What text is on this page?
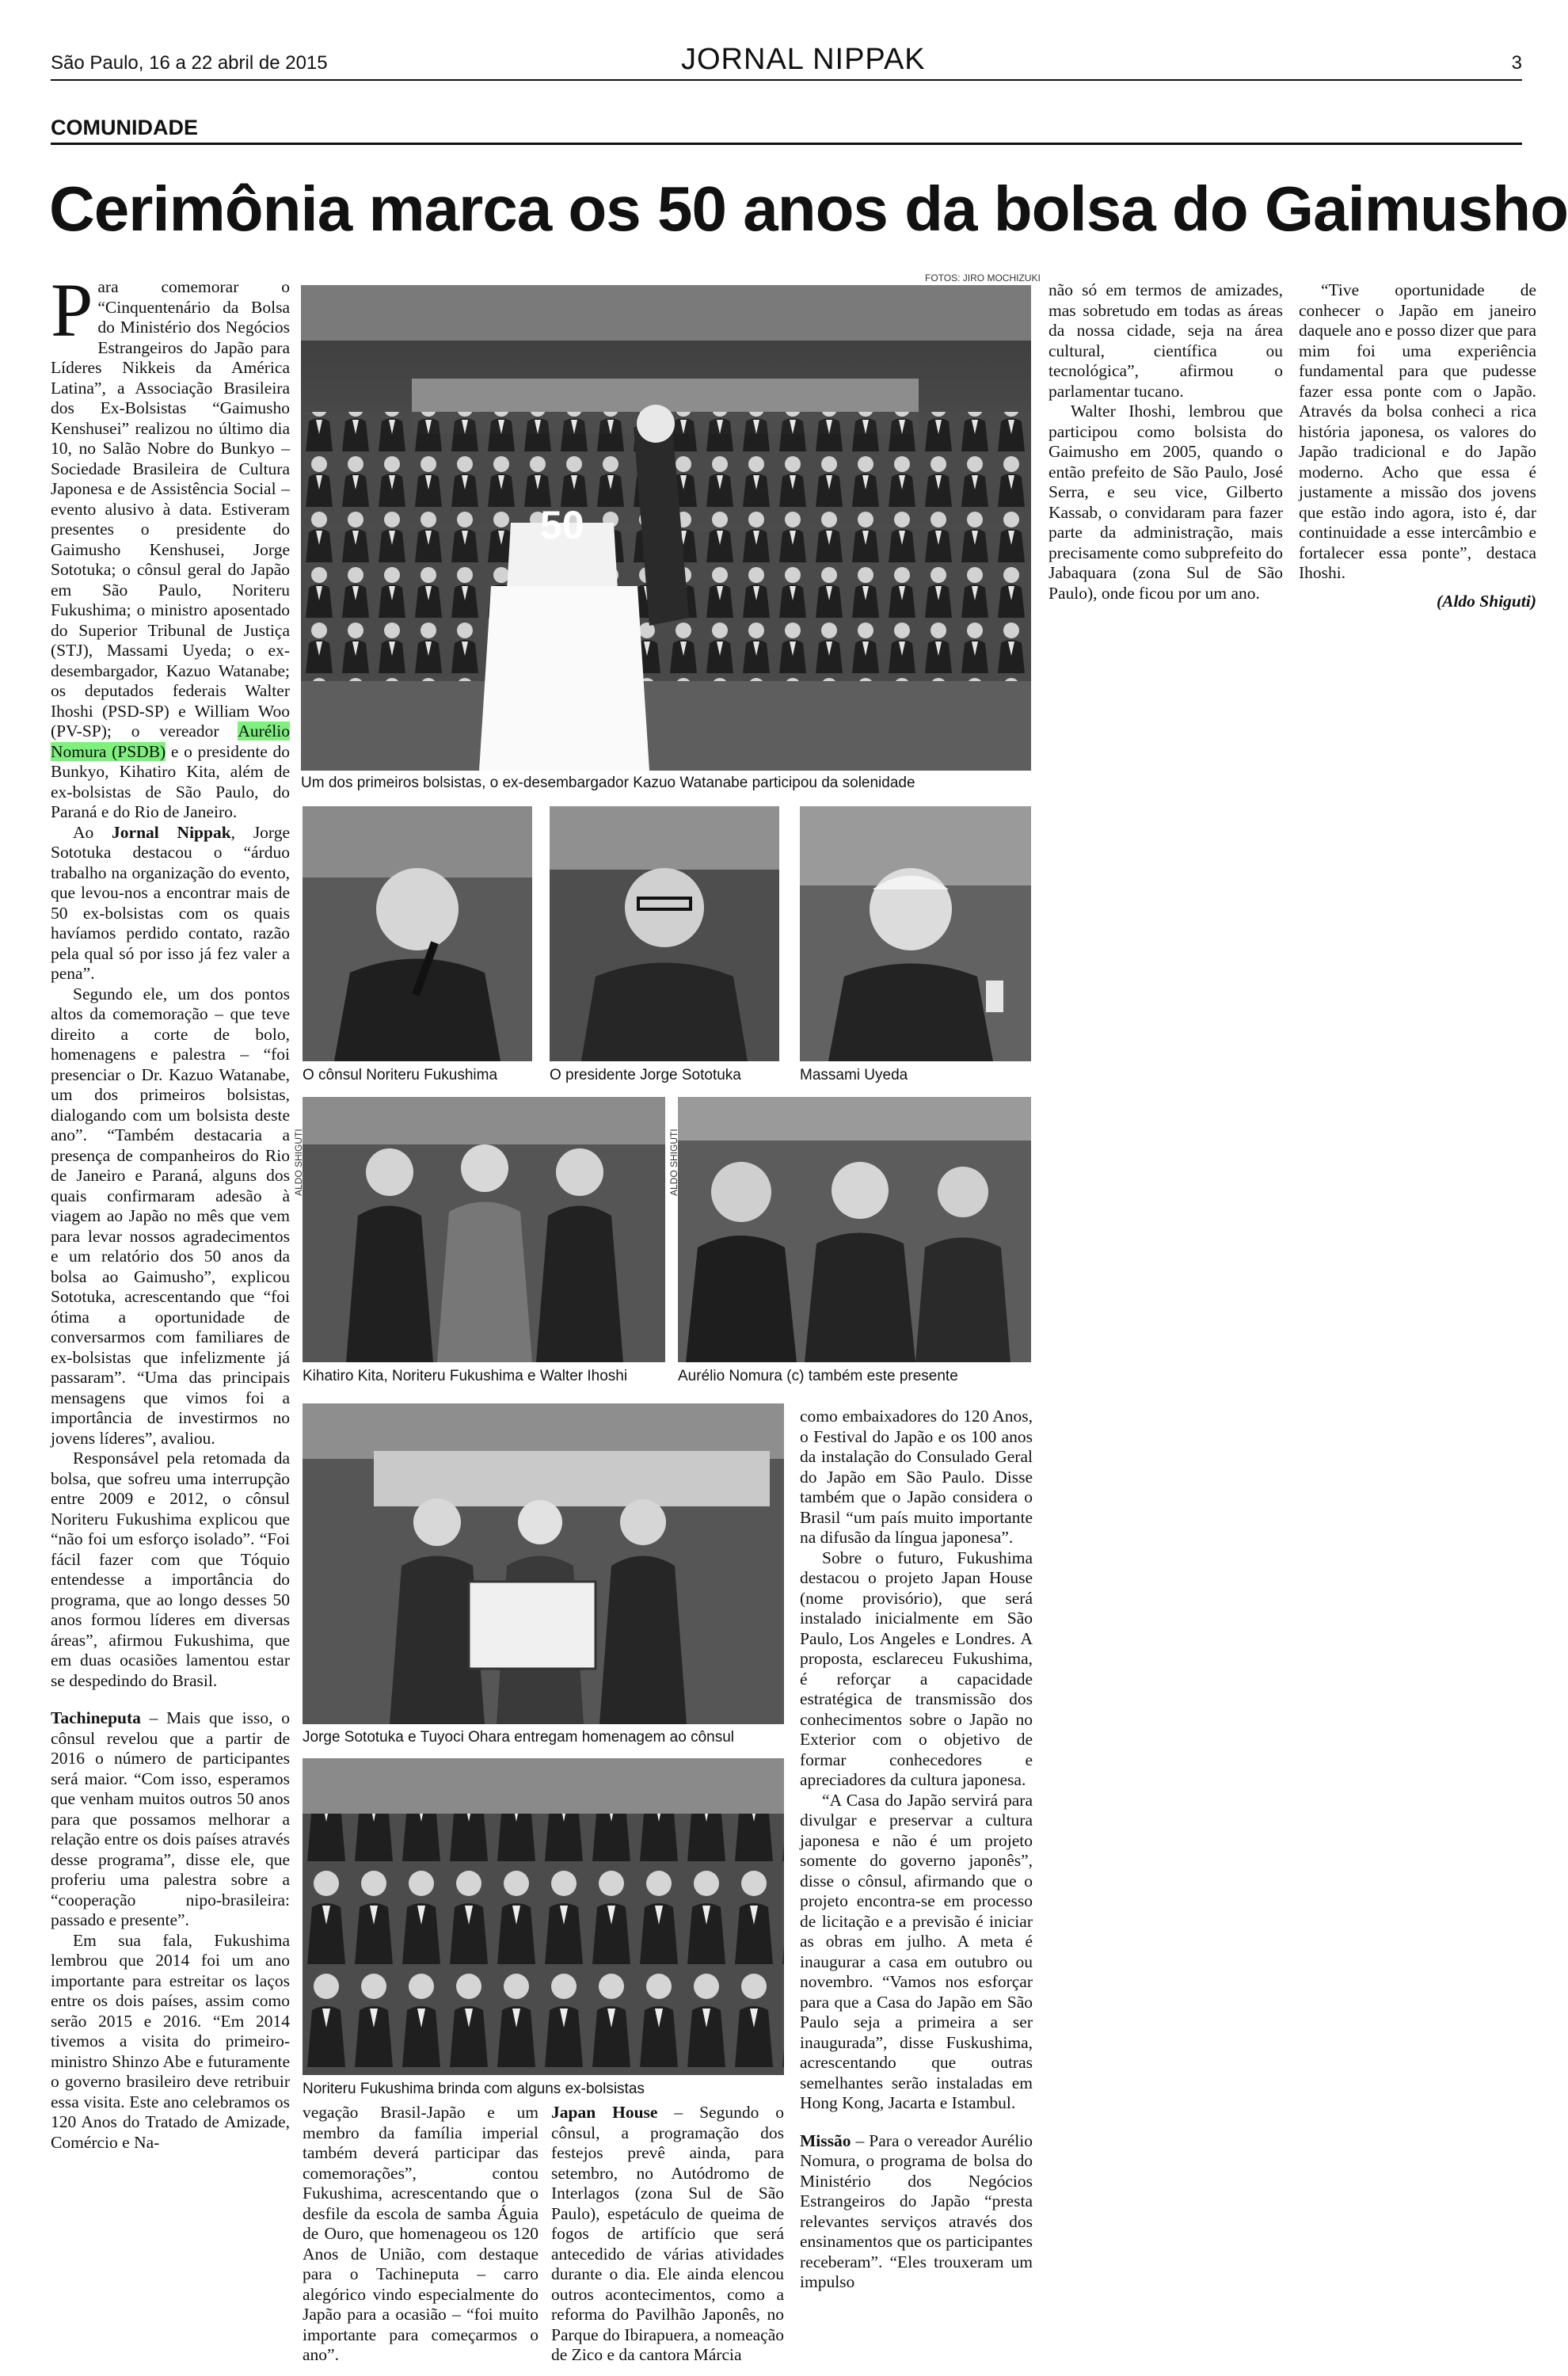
São Paulo, 16 a 22 abril de 2015	JORNAL NIPPAK	3
COMUNIDADE
Cerimônia marca os 50 anos da bolsa do Gaimusho

Para comemorar o “Cinquentenário da Bolsa do Ministério dos Negócios Estrangeiros do Japão para Líderes Nikkeis da América Latina”, a Associação Brasileira dos Ex-Bolsistas “Gaimusho Kenshusei” realizou no último dia 10, no Salão Nobre do Bunkyo – Sociedade Brasileira de Cultura Japonesa e de Assistência Social – evento alusivo à data. Estiveram presentes o presidente do Gaimusho Kenshusei, Jorge Sototuka; o cônsul geral do Japão em São Paulo, Noriteru Fukushima; o ministro aposentado do Superior Tribunal de Justiça (STJ), Massami Uyeda; o ex-desembargador, Kazuo Watanabe; os deputados federais Walter Ihoshi (PSD-SP) e William Woo (PV-SP); o vereador Aurélio Nomura (PSDB) e o presidente do Bunkyo, Kihatiro Kita, além de ex-bolsistas de São Paulo, do Paraná e do Rio de Janeiro.

Ao Jornal Nippak, Jorge Sototuka destacou o “árduo trabalho na organização do evento, que levou-nos a encontrar mais de 50 ex-bolsistas com os quais havíamos perdido contato, razão pela qual só por isso já fez valer a pena”.

Segundo ele, um dos pontos altos da comemoração – que teve direito a corte de bolo, homenagens e palestra – “foi presenciar o Dr. Kazuo Watanabe, um dos primeiros bolsistas, dialogando com um bolsista deste ano”. “Também destacaria a presença de companheiros do Rio de Janeiro e Paraná, alguns dos quais confirmaram adesão à viagem ao Japão no mês que vem para levar nossos agradecimentos e um relatório dos 50 anos da bolsa ao Gaimusho”, explicou Sototuka, acrescentando que “foi ótima a oportunidade de conversarmos com familiares de ex-bolsistas que infelizmente já passaram”. “Uma das principais mensagens que vimos foi a importância de investirmos no jovens líderes”, avaliou.

Responsável pela retomada da bolsa, que sofreu uma interrupção entre 2009 e 2012, o cônsul Noriteru Fukushima explicou que “não foi um esforço isolado”. “Foi fácil fazer com que Tóquio entendesse a importância do programa, que ao longo desses 50 anos formou líderes em diversas áreas”, afirmou Fukushima, que em duas ocasiões lamentou estar se despedindo do Brasil.

Tachineputa – Mais que isso, o cônsul revelou que a partir de 2016 o número de participantes será maior. “Com isso, esperamos que venham muitos outros 50 anos para que possamos melhorar a relação entre os dois países através desse programa”, disse ele, que proferiu uma palestra sobre a “cooperação nipo-brasileira: passado e presente”.

Em sua fala, Fukushima lembrou que 2014 foi um ano importante para estreitar os laços entre os dois países, assim como serão 2015 e 2016. “Em 2014 tivemos a visita do primeiro-ministro Shinzo Abe e futuramente o governo brasileiro deve retribuir essa visita. Este ano celebramos os 120 Anos do Tratado de Amizade, Comércio e Na-

FOTOS: JIRO MOCHIZUKI
50
Um dos primeiros bolsistas, o ex-desembargador Kazuo Watanabe participou da solenidade
O cônsul Noriteru Fukushima	O presidente Jorge Sototuka	Massami Uyeda
ALDO SHIGUTI
Kihatiro Kita, Noriteru Fukushima e Walter Ihoshi
ALDO SHIGUTI
Aurélio Nomura (c) também este presente
Jorge Sototuka e Tuyoci Ohara entregam homenagem ao cônsul
Noriteru Fukushima brinda com alguns ex-bolsistas

vegação Brasil-Japão e um membro da família imperial também deverá participar das comemorações”, contou Fukushima, acrescentando que o desfile da escola de samba Águia de Ouro, que homenageou os 120 Anos de União, com destaque para o Tachineputa – carro alegórico vindo especialmente do Japão para a ocasião – “foi muito importante para começarmos o ano”.

Japan House – Segundo o cônsul, a programação dos festejos prevê ainda, para setembro, no Autódromo de Interlagos (zona Sul de São Paulo), espetáculo de queima de fogos de artifício que será antecedido de várias atividades durante o dia. Ele ainda elencou outros acontecimentos, como a reforma do Pavilhão Japonês, no Parque do Ibirapuera, a nomeação de Zico e da cantora Márcia

como embaixadores do 120 Anos, o Festival do Japão e os 100 anos da instalação do Consulado Geral do Japão em São Paulo. Disse também que o Japão considera o Brasil “um país muito importante na difusão da língua japonesa”.

Sobre o futuro, Fukushima destacou o projeto Japan House (nome provisório), que será instalado inicialmente em São Paulo, Los Angeles e Londres. A proposta, esclareceu Fukushima, é reforçar a capacidade estratégica de transmissão dos conhecimentos sobre o Japão no Exterior com o objetivo de formar conhecedores e apreciadores da cultura japonesa.

“A Casa do Japão servirá para divulgar e preservar a cultura japonesa e não é um projeto somente do governo japonês”, disse o cônsul, afirmando que o projeto encontra-se em processo de licitação e a previsão é iniciar as obras em julho. A meta é inaugurar a casa em outubro ou novembro. “Vamos nos esforçar para que a Casa do Japão em São Paulo seja a primeira a ser inaugurada”, disse Fuskushima, acrescentando que outras semelhantes serão instaladas em Hong Kong, Jacarta e Istambul.

Missão – Para o vereador Aurélio Nomura, o programa de bolsa do Ministério dos Negócios Estrangeiros do Japão “presta relevantes serviços através dos ensinamentos que os participantes receberam”. “Eles trouxeram um impulso

não só em termos de amizades, mas sobretudo em todas as áreas da nossa cidade, seja na área cultural, científica ou tecnológica”, afirmou o parlamentar tucano.

Walter Ihoshi, lembrou que participou como bolsista do Gaimusho em 2005, quando o então prefeito de São Paulo, José Serra, e seu vice, Gilberto Kassab, o convidaram para fazer parte da administração, mais precisamente como subprefeito do Jabaquara (zona Sul de São Paulo), onde ficou por um ano.

“Tive oportunidade de conhecer o Japão em janeiro daquele ano e posso dizer que para mim foi uma experiência fundamental para que pudesse fazer essa ponte com o Japão. Através da bolsa conheci a rica história japonesa, os valores do Japão tradicional e do Japão moderno. Acho que essa é justamente a missão dos jovens que estão indo agora, isto é, dar continuidade a esse intercâmbio e fortalecer essa ponte”, destaca Ihoshi.

(Aldo Shiguti)
